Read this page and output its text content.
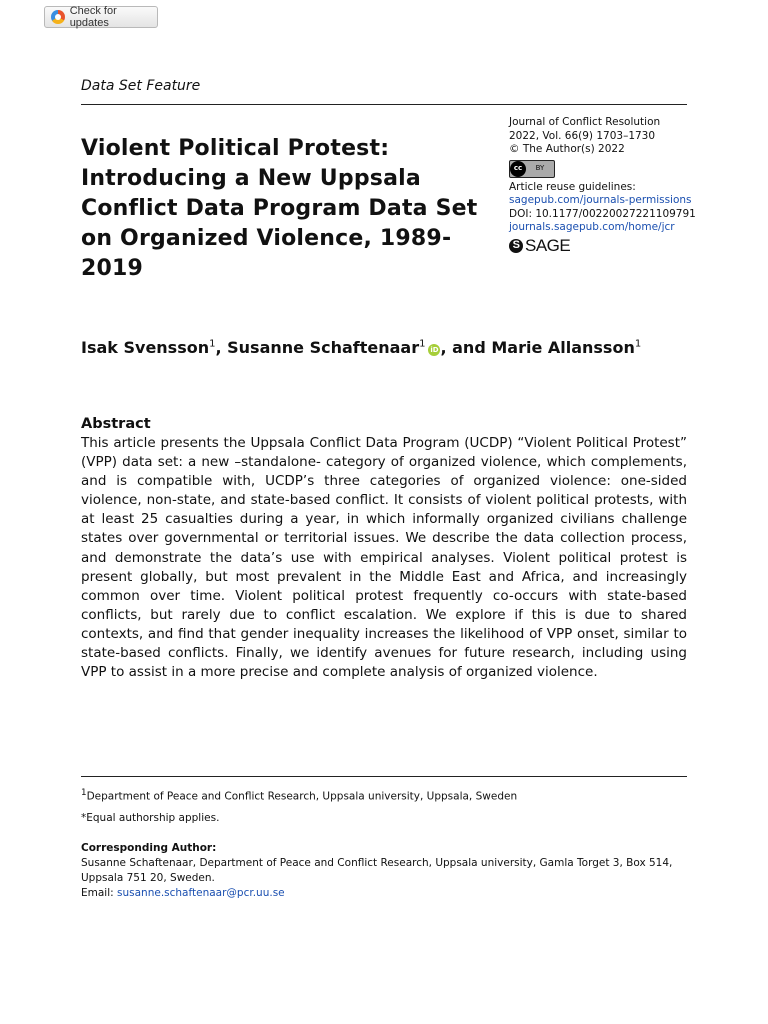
Check for updates
Data Set Feature
Violent Political Protest: Introducing a New Uppsala Conflict Data Program Data Set on Organized Violence, 1989-2019
Journal of Conflict Resolution
2022, Vol. 66(9) 1703–1730
© The Author(s) 2022
cc	BY
Article reuse guidelines:
sagepub.com/journals-permissions
DOI: 10.1177/00220027221109791
journals.sagepub.com/home/jcr
S SAGE
Isak Svensson$^1$, Susanne Schaftenaar$^1$iD , and Marie Allansson$^1$
Abstract

This article presents the Uppsala Conflict Data Program (UCDP) “Violent Political Protest” (VPP) data set: a new –standalone- category of organized violence, which complements, and is compatible with, UCDP’s three categories of organized violence: one-sided violence, non-state, and state-based conflict. It consists of violent political protests, with at least 25 casualties during a year, in which informally organized civilians challenge states over governmental or territorial issues. We describe the data collection process, and demonstrate the data’s use with empirical analyses. Violent political protest is present globally, but most prevalent in the Middle East and Africa, and increasingly common over time. Violent political protest frequently co-occurs with state-based conflicts, but rarely due to conflict escalation. We explore if this is due to shared contexts, and find that gender inequality increases the likelihood of VPP onset, similar to state-based conflicts. Finally, we identify avenues for future research, including using VPP to assist in a more precise and complete analysis of organized violence.

$^1$Department of Peace and Conflict Research, Uppsala university, Uppsala, Sweden
*Equal authorship applies.
Corresponding Author:
Susanne Schaftenaar, Department of Peace and Conflict Research, Uppsala university, Gamla Torget 3, Box 514, Uppsala 751 20, Sweden.
Email: susanne.schaftenaar@pcr.uu.se
